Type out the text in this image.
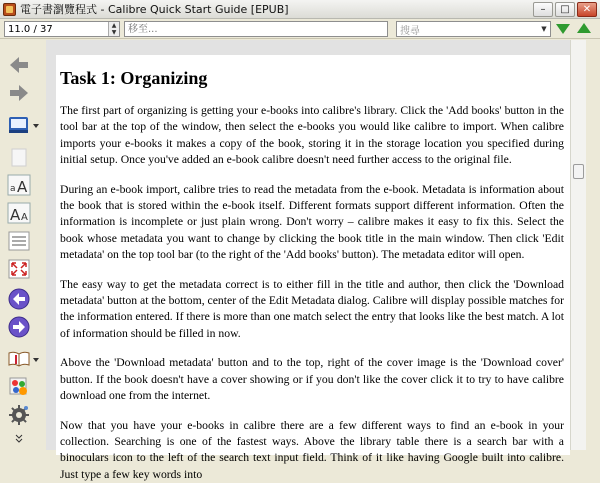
電子書瀏覽程式 - Calibre Quick Start Guide [EPUB]	–	□	✕
11.0 / 37	▲
▼
移至...	搜尋	▼
a A
A A
Task 1: Organizing

The first part of organizing is getting your e-books into calibre's library. Click the 'Add books' button in the tool bar at the top of the window, then select the e-books you would like calibre to import. When calibre imports your e-books it makes a copy of the book, storing it in the storage location you specified during initial setup. Once you've added an e-book calibre doesn't need further access to the original file.

During an e-book import, calibre tries to read the metadata from the e-book. Metadata is information about the book that is stored within the e-book itself. Different formats support different information. Often the information is incomplete or just plain wrong. Don't worry – calibre makes it easy to fix this. Select the book whose metadata you want to change by clicking the book title in the main window. Then click 'Edit metadata' on the top tool bar (to the right of the 'Add books' button). The metadata editor will open.

The easy way to get the metadata correct is to either fill in the title and author, then click the 'Download metadata' button at the bottom, center of the Edit Metadata dialog. Calibre will display possible matches for the information entered. If there is more than one match select the entry that looks like the best match. A lot of information should be filled in now.

Above the 'Download metadata' button and to the top, right of the cover image is the 'Download cover' button. If the book doesn't have a cover showing or if you don't like the cover click it to try to have calibre download one from the internet.

Now that you have your e-books in calibre there are a few different ways to find an e-book in your collection. Searching is one of the fastest ways. Above the library table there is a search bar with a binoculars icon to the left of the search text input field. Think of it like having Google built into calibre. Just type a few key words into
